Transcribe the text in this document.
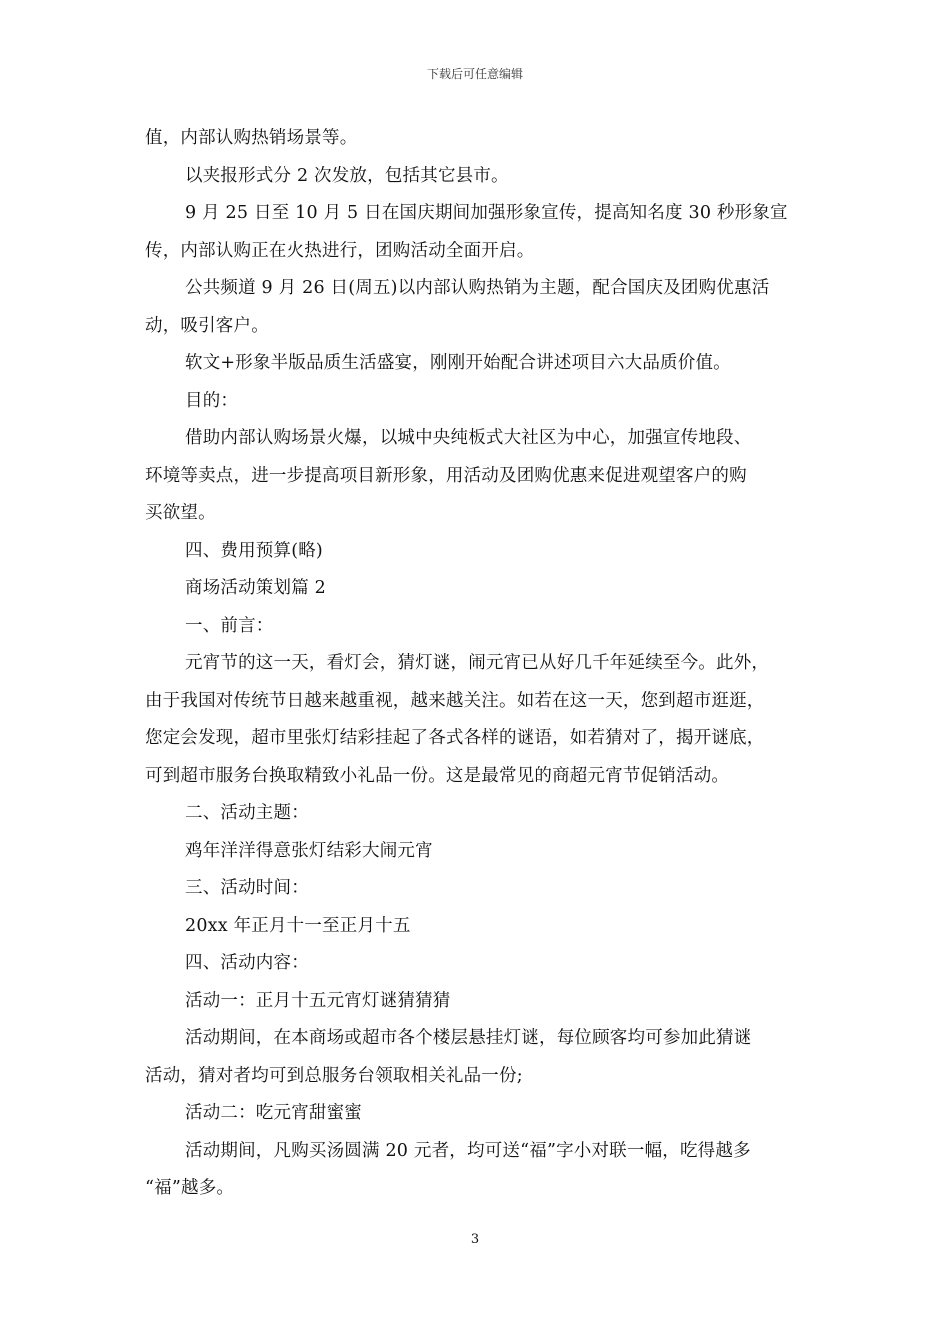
下载后可任意编辑

值，内部认购热销场景等。

以夹报形式分 2 次发放，包括其它县市。

9 月 25 日至 10 月 5 日在国庆期间加强形象宣传，提高知名度 30 秒形象宣

传，内部认购正在火热进行，团购活动全面开启。

公共频道 9 月 26 日(周五)以内部认购热销为主题，配合国庆及团购优惠活

动，吸引客户。

软文+形象半版品质生活盛宴，刚刚开始配合讲述项目六大品质价值。

目的：

借助内部认购场景火爆，以城中央纯板式大社区为中心，加强宣传地段、

环境等卖点，进一步提高项目新形象，用活动及团购优惠来促进观望客户的购

买欲望。

四、费用预算(略)

商场活动策划篇 2

一、前言：

元宵节的这一天，看灯会，猜灯谜，闹元宵已从好几千年延续至今。此外，

由于我国对传统节日越来越重视，越来越关注。如若在这一天，您到超市逛逛，

您定会发现，超市里张灯结彩挂起了各式各样的谜语，如若猜对了，揭开谜底，

可到超市服务台换取精致小礼品一份。这是最常见的商超元宵节促销活动。

二、活动主题：

鸡年洋洋得意张灯结彩大闹元宵

三、活动时间：

20xx 年正月十一至正月十五

四、活动内容：

活动一：正月十五元宵灯谜猜猜猜

活动期间，在本商场或超市各个楼层悬挂灯谜，每位顾客均可参加此猜谜

活动，猜对者均可到总服务台领取相关礼品一份;

活动二：吃元宵甜蜜蜜

活动期间，凡购买汤圆满 20 元者，均可送“福”字小对联一幅，吃得越多

“福”越多。

3
